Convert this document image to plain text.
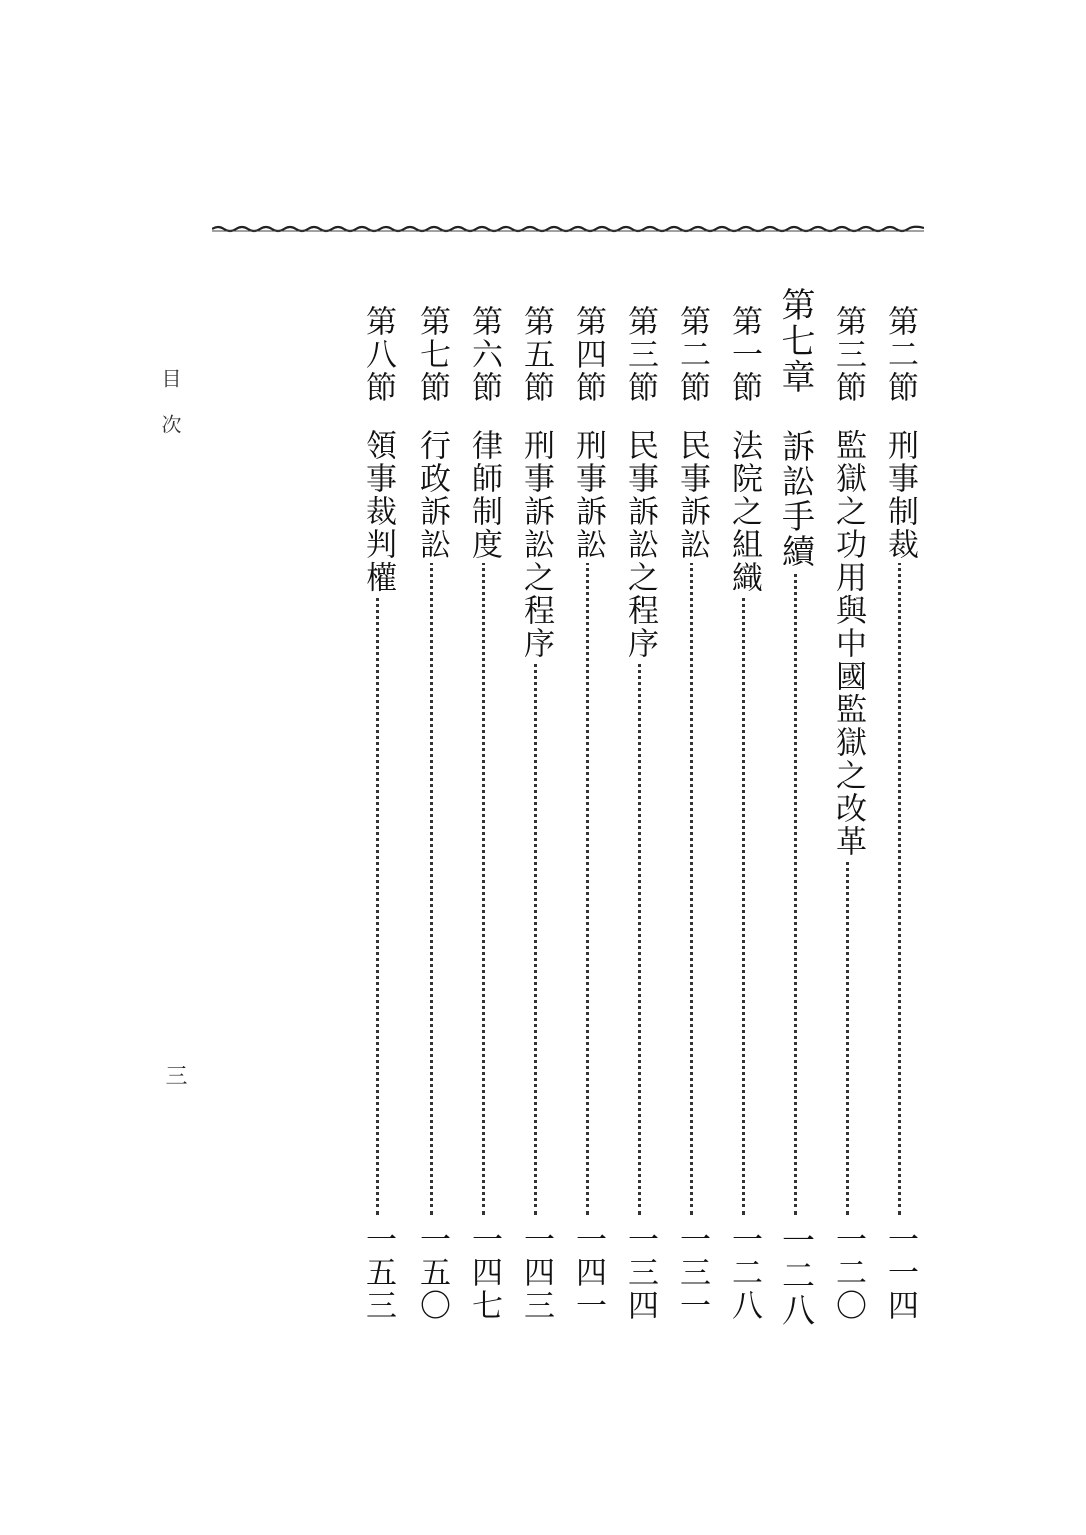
第二節
刑事制裁
一一四
第三節
監獄之功用與中國監獄之改革
一二〇
第七章
訴訟手續
一二八
第一節
法院之組織
一二八
第二節
民事訴訟
一三一
第三節
民事訴訟之程序
一三四
第四節
刑事訴訟
一四一
第五節
刑事訴訟之程序
一四三
第六節
律師制度
一四七
第七節
行政訴訟
一五〇
第八節
領事裁判權
一五三
目次
三
